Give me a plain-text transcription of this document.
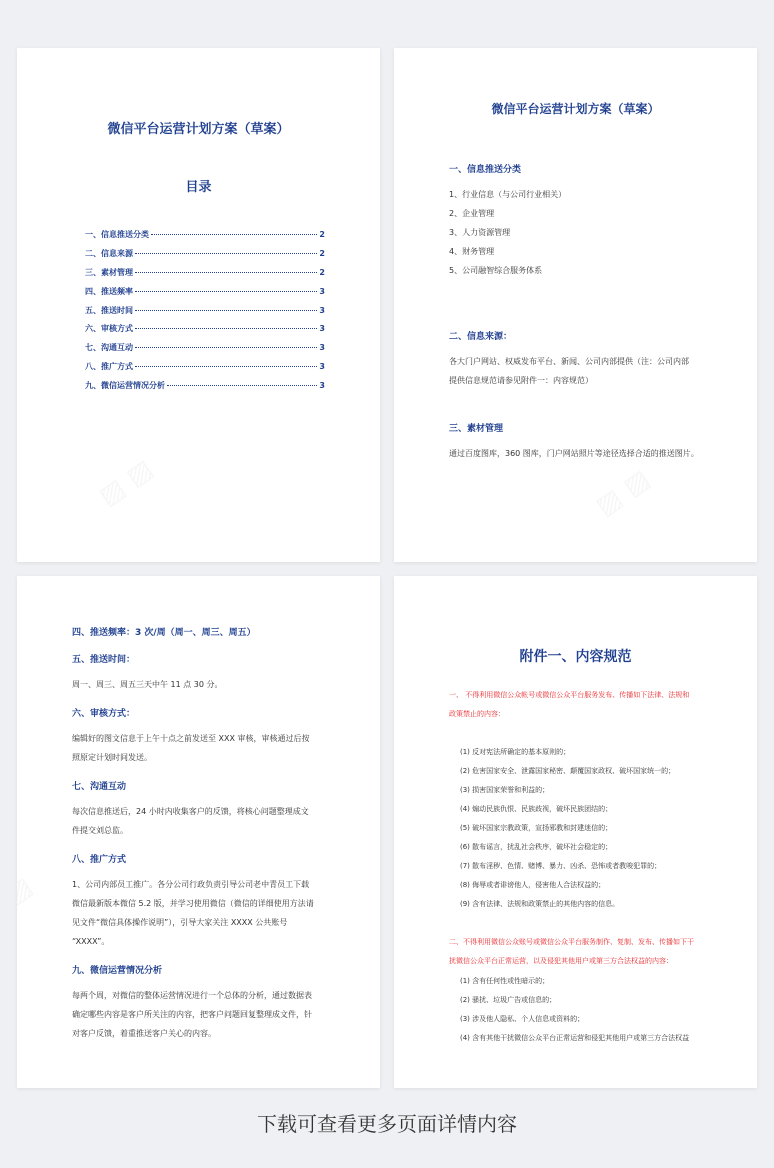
微信平台运营计划方案（草案）
目录
一、信息推送分类	2
二、信息来源	2
三、素材管理	2
四、推送频率	3
五、推送时间	3
六、审核方式	3
七、沟通互动	3
八、推广方式	3
九、微信运营情况分析	3
微信平台运营计划方案（草案）
一、信息推送分类
1、行业信息（与公司行业相关）
2、企业管理
3、人力资源管理
4、财务管理
5、公司融智综合服务体系
二、信息来源：
各大门户网站、权威发布平台、新闻、公司内部提供（注：公司内部
提供信息规范请参见附件一：内容规范）
三、素材管理
通过百度图库，360 图库，门户网站照片等途径选择合适的推送图片。
四、推送频率：3 次/周（周一、周三、周五）
五、推送时间：
周一、周三、周五三天中午 11 点 30 分。
六、审核方式：
编辑好的图文信息于上午十点之前发送至 XXX 审核，审核通过后按
照原定计划时间发送。
七、沟通互动
每次信息推送后，24 小时内收集客户的反馈，将核心问题整理成文
件提交刘总监。
八、推广方式
1、公司内部员工推广。各分公司行政负责引导公司老中青员工下载
微信最新版本微信 5.2 版，并学习使用微信（微信的详细使用方法请
见文件“微信具体操作说明”），引导大家关注 XXXX 公共账号
“XXXX”。
九、微信运营情况分析
每两个周，对微信的整体运营情况进行一个总体的分析，通过数据表
确定哪些内容是客户所关注的内容，把客户问题回复整理成文件，针
对客户反馈，着重推送客户关心的内容。
附件一、内容规范
一、 不得利用微信公众帐号或微信公众平台服务发布、传播如下法律、法规和
政策禁止的内容：
(1) 反对宪法所确定的基本原则的；
(2) 危害国家安全、泄露国家秘密、颠覆国家政权、破坏国家统一的；
(3) 损害国家荣誉和利益的；
(4) 煽动民族仇恨、民族歧视，破坏民族团结的；
(5) 破坏国家宗教政策，宣扬邪教和封建迷信的；
(6) 散布谣言，扰乱社会秩序，破坏社会稳定的；
(7) 散布淫秽、色情、赌博、暴力、凶杀、恐怖或者教唆犯罪的；
(8) 侮辱或者诽谤他人，侵害他人合法权益的；
(9) 含有法律、法规和政策禁止的其他内容的信息。
二、不得利用微信公众账号或微信公众平台服务制作、复制、发布、传播如下干
扰微信公众平台正常运营，以及侵犯其他用户或第三方合法权益的内容：
(1) 含有任何性或性暗示的；
(2) 骚扰、垃圾广告或信息的；
(3) 涉及他人隐私、个人信息或资料的；
(4) 含有其他干扰微信公众平台正常运营和侵犯其他用户或第三方合法权益
下载可查看更多页面详情内容
